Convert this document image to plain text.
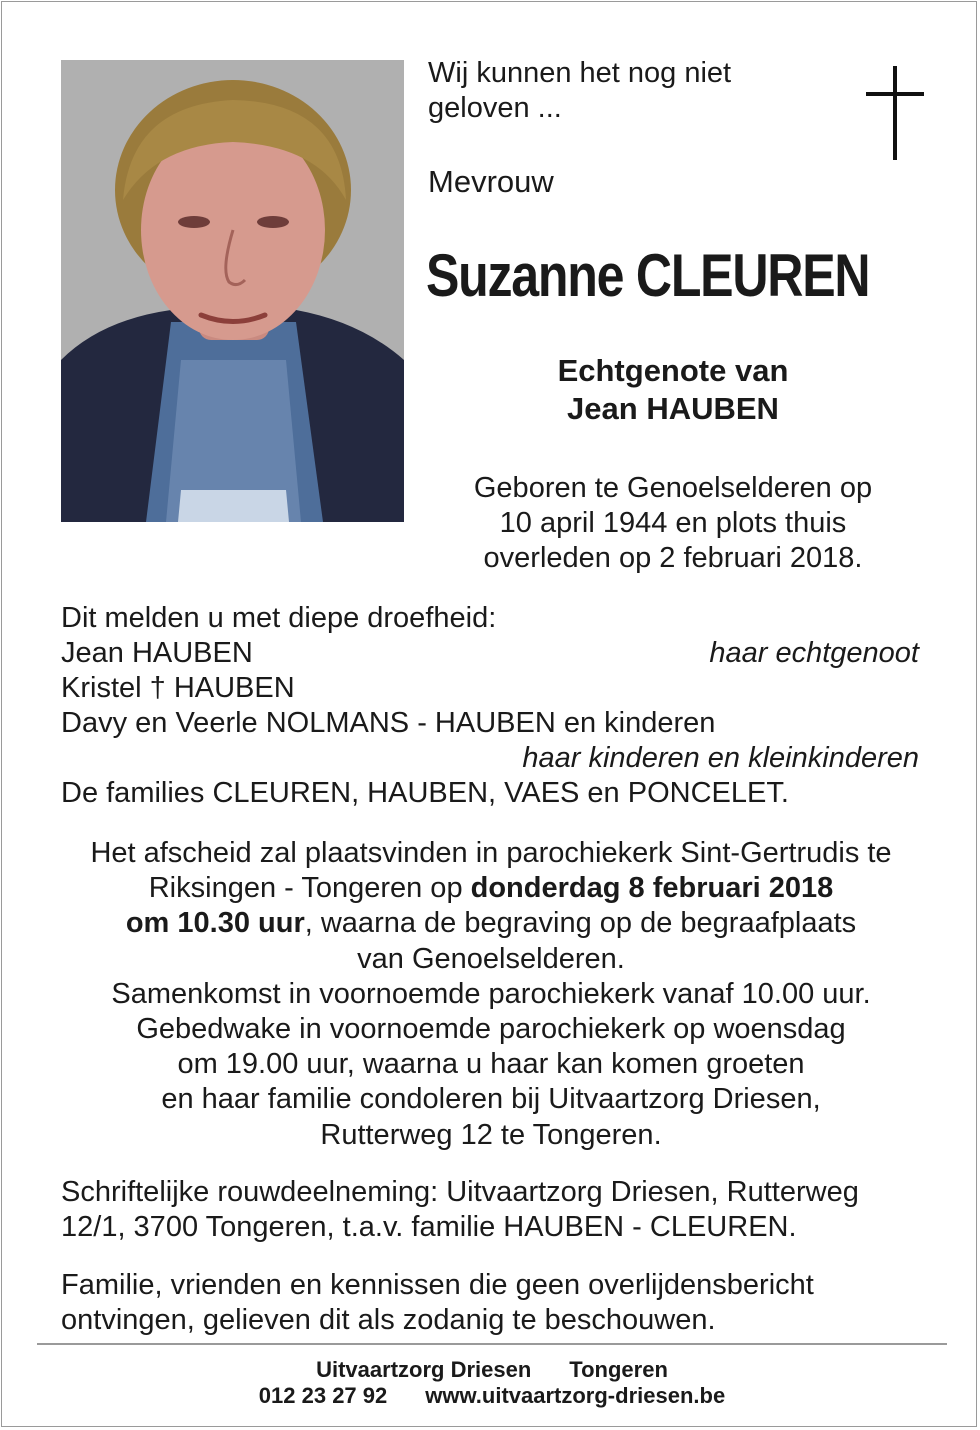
Wij kunnen het nog niet
geloven ...
Mevrouw
Suzanne CLEUREN
Echtgenote van
Jean HAUBEN
Geboren te Genoelselderen op
10 april 1944 en plots thuis
overleden op 2 februari 2018.
Dit melden u met diepe droefheid:
Jean HAUBEN	haar echtgenoot
Kristel † HAUBEN
Davy en Veerle NOLMANS - HAUBEN en kinderen
haar kinderen en kleinkinderen
De families CLEUREN, HAUBEN, VAES en PONCELET.
Het afscheid zal plaatsvinden in parochiekerk Sint-Gertrudis te
Riksingen - Tongeren op donderdag 8 februari 2018
om 10.30 uur, waarna de begraving op de begraafplaats
van Genoelselderen.
Samenkomst in voornoemde parochiekerk vanaf 10.00 uur.
Gebedwake in voornoemde parochiekerk op woensdag
om 19.00 uur, waarna u haar kan komen groeten
en haar familie condoleren bij Uitvaartzorg Driesen,
Rutterweg 12 te Tongeren.
Schriftelijke rouwdeelneming: Uitvaartzorg Driesen, Rutterweg
12/1, 3700 Tongeren, t.a.v. familie HAUBEN - CLEUREN.
Familie, vrienden en kennissen die geen overlijdensbericht
ontvingen, gelieven dit als zodanig te beschouwen.
Uitvaartzorg Driesen Tongeren
012 23 27 92 www.uitvaartzorg-driesen.be
